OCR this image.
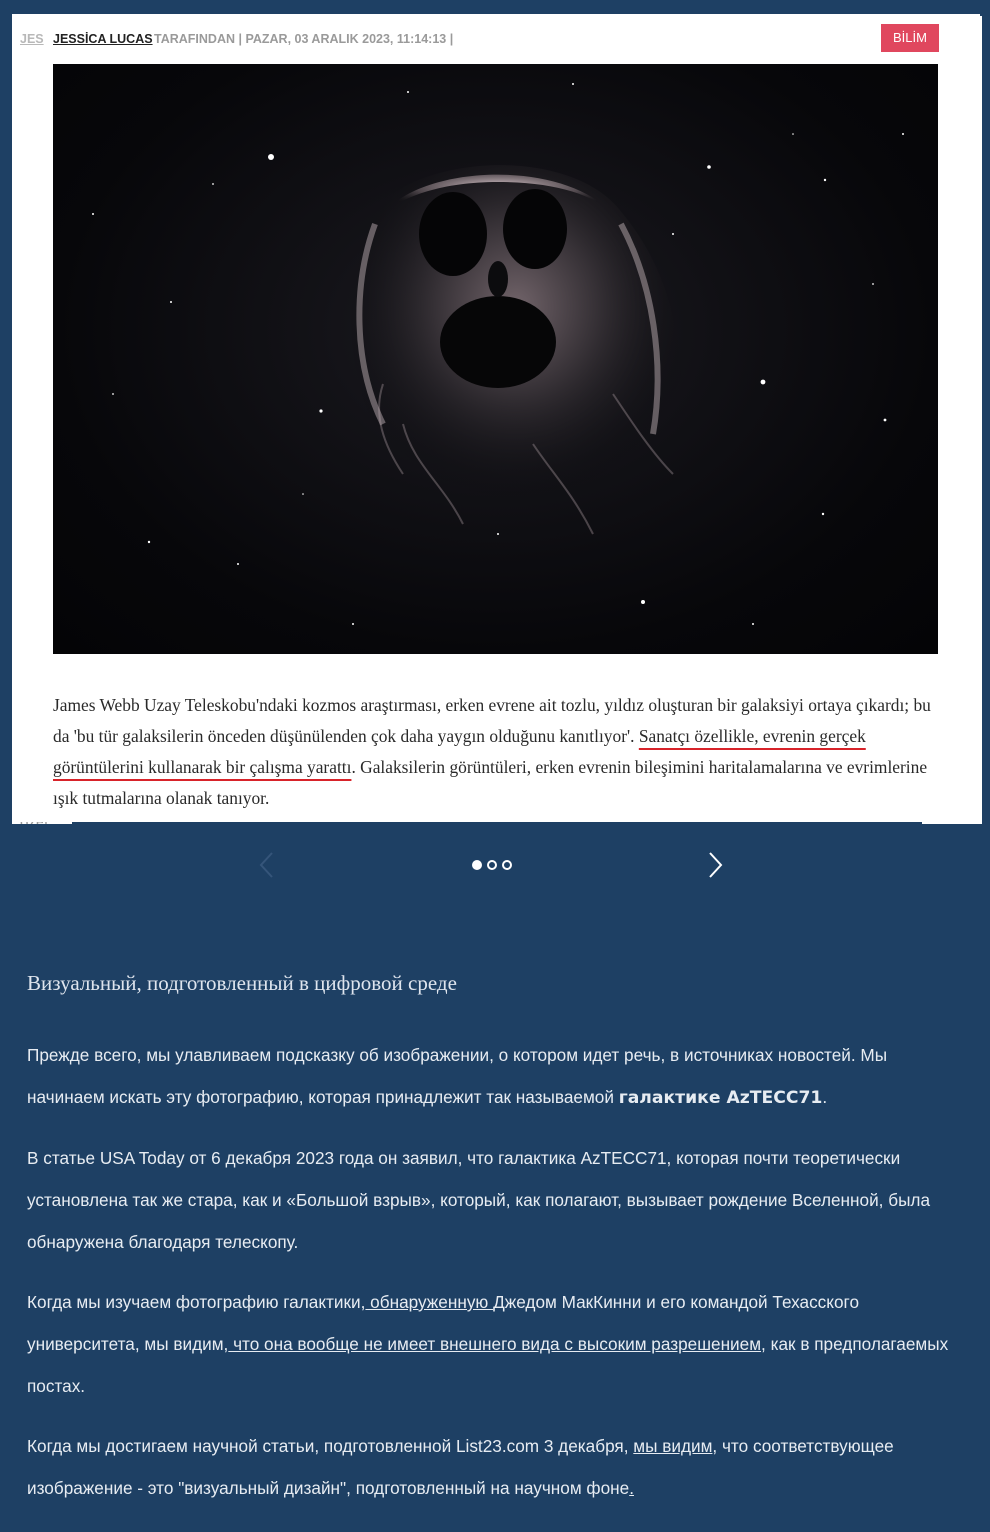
JES JESSİCA LUCAS TARAFINDAN | PAZAR, 03 ARALIK 2023, 11:14:13 |	BİLİM
James Webb Uzay Teleskobu'ndaki kozmos araştırması, erken evrene ait tozlu, yıldız oluşturan bir galaksiyi ortaya çıkardı; bu da 'bu tür galaksilerin önceden düşünülenden çok daha yaygın olduğunu kanıtlıyor'. Sanatçı özellikle, evrenin gerçek görüntülerini kullanarak bir çalışma yarattı. Galaksilerin görüntüleri, erken evrenin bileşimini haritalamalarına ve evrimlerine ışık tutmalarına olanak tanıyor.
Визуальный, подготовленный в цифровой среде

Прежде всего, мы улавливаем подсказку об изображении, о котором идет речь, в источниках новостей. Мы начинаем искать эту фотографию, которая принадлежит так называемой галактике AzTECC71.

В статье USA Today от 6 декабря 2023 года он заявил, что галактика AzTECC71, которая почти теоретически установлена так же стара, как и «Большой взрыв», который, как полагают, вызывает рождение Вселенной, была обнаружена благодаря телескопу.

Когда мы изучаем фотографию галактики, обнаруженную Джедом МакКинни и его командой Техасского университета, мы видим, что она вообще не имеет внешнего вида с высоким разрешением, как в предполагаемых постах.

Когда мы достигаем научной статьи, подготовленной List23.com 3 декабря, мы видим, что соответствующее изображение - это "визуальный дизайн", подготовленный на научном фоне.
